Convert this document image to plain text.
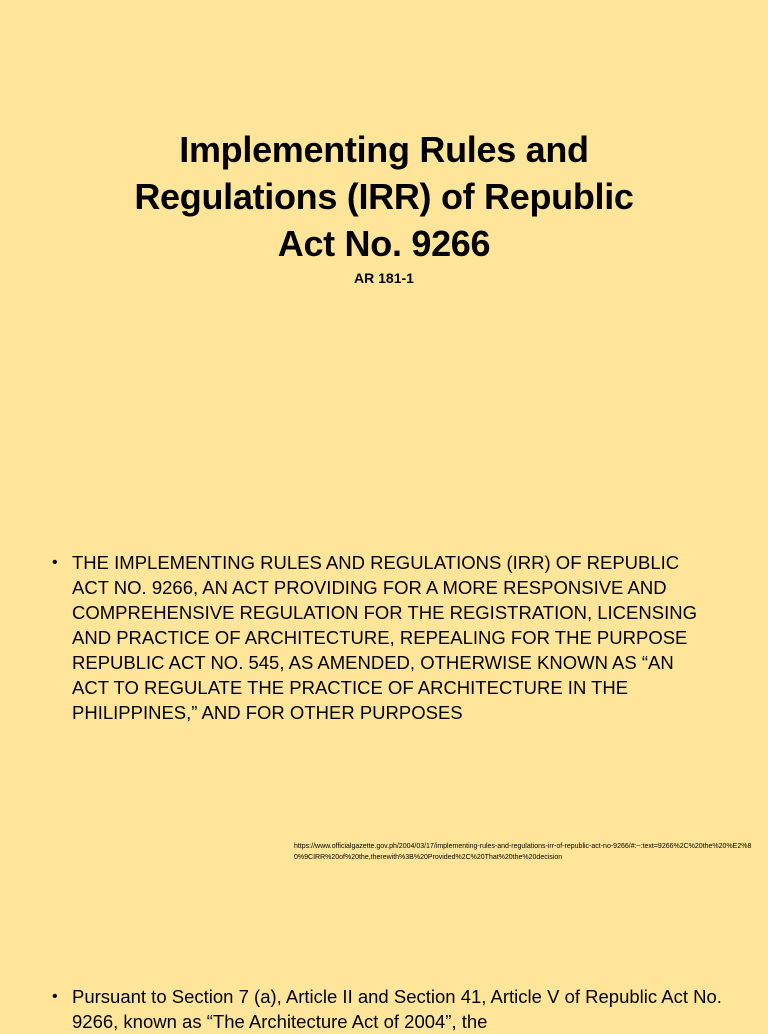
Implementing Rules and
Regulations (IRR) of Republic
Act No. 9266
AR 181-1
• THE IMPLEMENTING RULES AND REGULATIONS (IRR) OF REPUBLIC ACT NO. 9266, AN ACT PROVIDING FOR A MORE RESPONSIVE AND COMPREHENSIVE REGULATION FOR THE REGISTRATION, LICENSING AND PRACTICE OF ARCHITECTURE, REPEALING FOR THE PURPOSE REPUBLIC ACT NO. 545, AS AMENDED, OTHERWISE KNOWN AS “AN ACT TO REGULATE THE PRACTICE OF ARCHITECTURE IN THE PHILIPPINES,” AND FOR OTHER PURPOSES
https://www.officialgazette.gov.ph/2004/03/17/implementing-rules-and-regulations-irr-of-republic-act-no-9266/#:~:text=9266%2C%20the%20%E2%80%9CIRR%20of%20the,therewith%3B%20Provided%2C%20That%20the%20decision
• Pursuant to Section 7 (a), Article II and Section 41, Article V of Republic Act No. 9266, known as “The Architecture Act of 2004”, the
